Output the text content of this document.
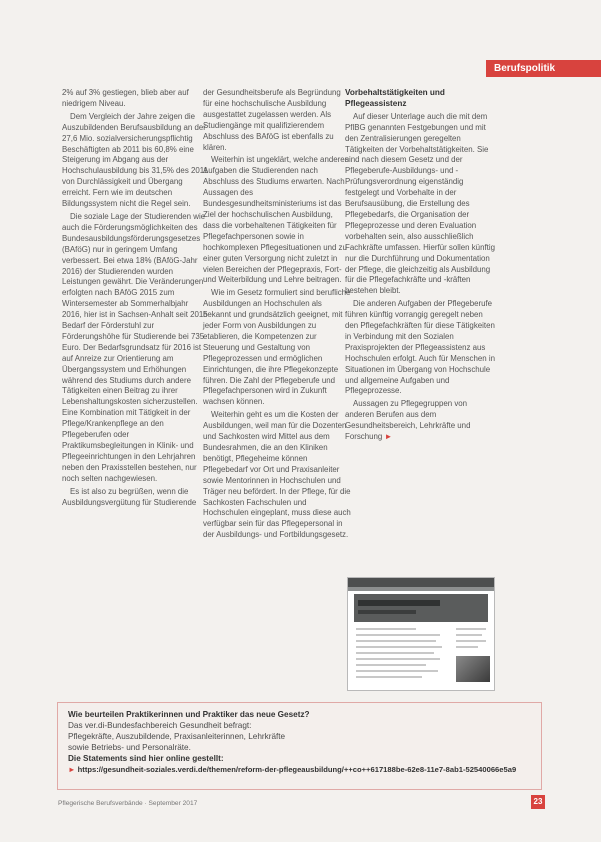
Berufspolitik

2% auf 3% gestiegen, blieb aber auf niedrigem Niveau.

Dem Vergleich der Jahre zeigen die Auszubildenden Berufsausbildung an der 27,6 Mio. sozialversicherungspflichtig Beschäftigten ab 2011 bis 60,8% eine Steigerung im Abgang aus der Hochschulausbildung bis 31,5% des 2011 von Durchlässigkeit und Übergang erreicht. Fern wie im deutschen Bildungssystem nicht die Regel sein.

Die soziale Lage der Studierenden wie auch die Förderungsmöglichkeiten des Bundesausbildungsförderungsgesetzes (BAföG) nur in geringem Umfang verbessert. Bei etwa 18% (BAföG-Jahr 2016) der Studierenden wurden Leistungen gewährt. Die Veränderungen erfolgten nach BAföG 2015 zum Wintersemester ab Sommerhalbjahr 2016, hier ist in Sachsen-Anhalt seit 2015 Bedarf der Förderstuhl zur Förderungshöhe für Studierende bei 735 Euro. Der Bedarfsgrundsatz für 2016 ist auf Anreize zur Orientierung am Übergangssystem und Erhöhungen während des Studiums durch andere Tätigkeiten einen Beitrag zu ihrer Lebenshaltungskosten sicherzustellen. Eine Kombination mit Tätigkeit in der Pflege/Krankenpflege an den Pflegeberufen oder Praktikumsbegleitungen in Klinik- und Pflegeeinrichtungen in den Lehrjahren neben den Praxisstellen bestehen, nur noch selten nachgewiesen.

Es ist also zu begrüßen, wenn die Ausbildungsvergütung für Studierende

der Gesundheitsberufe als Begründung für eine hochschulische Ausbildung ausgestattet zugelassen werden. Als Studiengänge mit qualifizierendem Abschluss des BAföG ist ebenfalls zu klären.

Weiterhin ist ungeklärt, welche anderen Aufgaben die Studierenden nach Abschluss des Studiums erwarten. Nach Aussagen des Bundesgesundheitsministeriums ist das Ziel der hochschulischen Ausbildung, dass die vorbehaltenen Tätigkeiten für Pflegefachpersonen sowie in hochkomplexen Pflegesituationen und zu einer guten Versorgung nicht zuletzt in vielen Bereichen der Pflegepraxis, Fort- und Weiterbildung und Lehre beitragen.

Wie im Gesetz formuliert sind berufliche Ausbildungen an Hochschulen als bekannt und grundsätzlich geeignet, mit jeder Form von Ausbildungen zu etablieren, die Kompetenzen zur Steuerung und Gestaltung von Pflegeprozessen und ermöglichen Einrichtungen, die ihre Pflegekonzepte führen. Die Zahl der Pflegeberufe und Pflegefachpersonen wird in Zukunft wachsen können.

Weiterhin geht es um die Kosten der Ausbildungen, weil man für die Dozenten und Sachkosten wird Mittel aus dem Bundesrahmen, die an den Kliniken benötigt, Pflegeheime können Pflegebedarf vor Ort und Praxisanleiter sowie Mentorinnen in Hochschulen und Träger neu befördert. In der Pflege, für die Sachkosten Fachschulen und Hochschulen eingeplant, muss diese auch verfügbar sein für das Pflegepersonal in der Ausbildungs- und Fortbildungsgesetz.

Vorbehaltstätigkeiten und Pflegeassistenz

Auf dieser Unterlage auch die mit dem PflBG genannten Festgebungen und mit den Zentralisierungen geregelten Tätigkeiten der Vorbehaltstätigkeiten. Sie sind nach diesem Gesetz und der Pflegeberufe-Ausbildungs- und -Prüfungsverordnung eigenständig festgelegt und Vorbehalte in der Berufsausübung, die Erstellung des Pflegebedarfs, die Organisation der Pflegeprozesse und deren Evaluation vorbehalten sein, also ausschließlich Fachkräfte umfassen. Hierfür sollen künftig nur die Durchführung und Dokumentation der Pflege, die gleichzeitig als Ausbildung für die Pflegefachkräfte und -kräften bestehen bleibt.

Die anderen Aufgaben der Pflegeberufe führen künftig vorrangig geregelt neben den Pflegefachkräften für diese Tätigkeiten in Verbindung mit den Sozialen Praxisprojekten der Pflegeassistenz aus Hochschulen erfolgt. Auch für Menschen in Situationen im Übergang von Hochschule und allgemeine Aufgaben und Pflegeprozesse.

Aussagen zu Pflegegruppen von anderen Berufen aus dem Gesundheitsbereich, Lehrkräfte und Forschung ►

Wie beurteilen Praktikerinnen und Praktiker das neue Gesetz?
Das ver.di-Bundesfachbereich Gesundheit befragt:
Pflegekräfte, Auszubildende, Praxisanleiterinnen, Lehrkräfte
sowie Betriebs- und Personalräte.
Die Statements sind hier online gestellt:
► https://gesundheit-soziales.verdi.de/themen/reform-der-pflegeausbildung/++co++617188be-62e8-11e7-8ab1-52540066e5a9
Pflegerische Berufsverbände · September 2017	23
